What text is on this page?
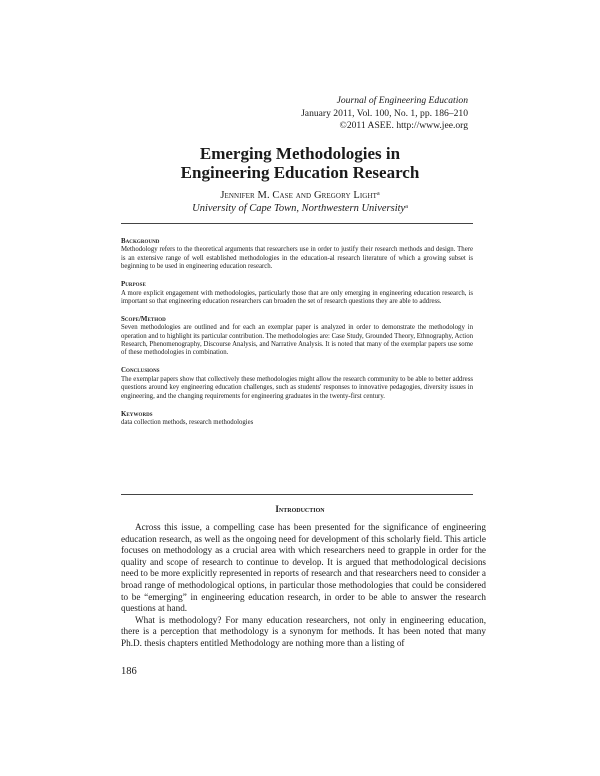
Journal of Engineering Education
January 2011, Vol. 100, No. 1, pp. 186–210
©2011 ASEE. http://www.jee.org
Emerging Methodologies in
Engineering Education Research
Jennifer M. Case and Gregory Light$^a$
University of Cape Town, Northwestern University$^a$
Background

Methodology refers to the theoretical arguments that researchers use in order to justify their research methods and design. There is an extensive range of well established methodologies in the education-al research literature of which a growing subset is beginning to be used in engineering education research.

Purpose

A more explicit engagement with methodologies, particularly those that are only emerging in engineering education research, is important so that engineering education researchers can broaden the set of research questions they are able to address.

Scope/Method

Seven methodologies are outlined and for each an exemplar paper is analyzed in order to demonstrate the methodology in operation and to highlight its particular contribution. The methodologies are: Case Study, Grounded Theory, Ethnography, Action Research, Phenomenography, Discourse Analysis, and Narrative Analysis. It is noted that many of the exemplar papers use some of these methodologies in combination.

Conclusions

The exemplar papers show that collectively these methodologies might allow the research community to be able to better address questions around key engineering education challenges, such as students' responses to innovative pedagogies, diversity issues in engineering, and the changing requirements for engineering graduates in the twenty-first century.

Keywords

data collection methods, research methodologies

Introduction

Across this issue, a compelling case has been presented for the significance of engineering education research, as well as the ongoing need for development of this scholarly field. This article focuses on methodology as a crucial area with which researchers need to grapple in order for the quality and scope of research to continue to develop. It is argued that methodological decisions need to be more explicitly represented in reports of research and that researchers need to consider a broad range of methodological options, in particular those methodologies that could be considered to be “emerging” in engineering education research, in order to be able to answer the research questions at hand.

What is methodology? For many education researchers, not only in engineering education, there is a perception that methodology is a synonym for methods. It has been noted that many Ph.D. thesis chapters entitled Methodology are nothing more than a listing of

186
